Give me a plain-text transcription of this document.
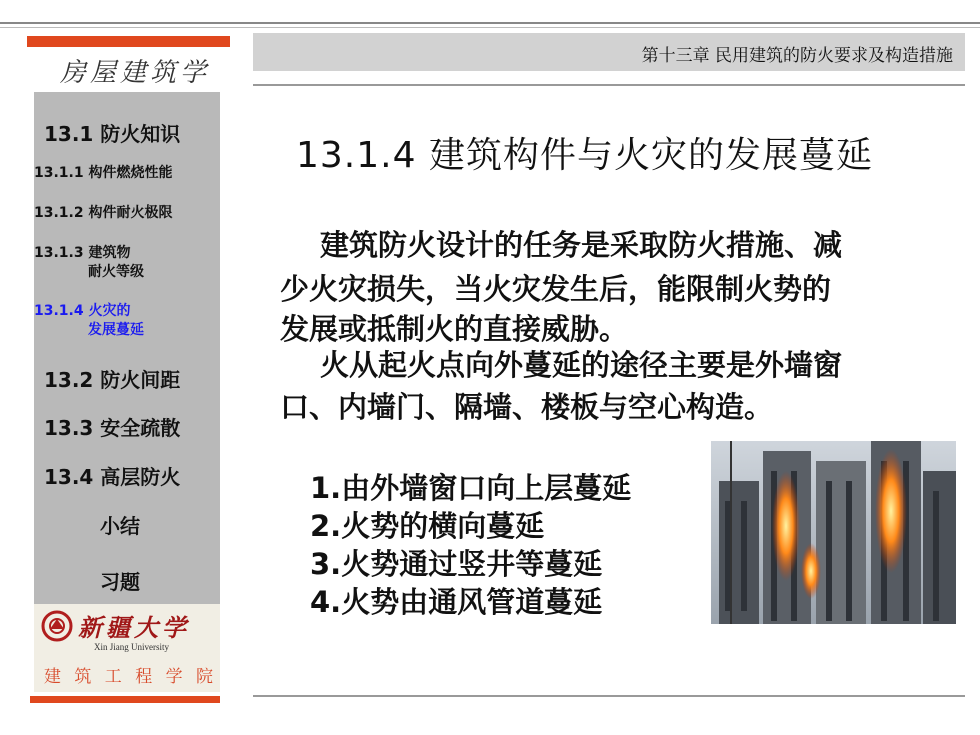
房屋建筑学
13.1 防火知识
13.1.1 构件燃烧性能
13.1.2 构件耐火极限
13.1.3 建筑物
耐火等级
13.1.4 火灾的
发展蔓延
13.2 防火间距
13.3 安全疏散
13.4 高层防火
小结
习题
新疆大学
Xin Jiang University
建 筑 工 程 学 院
第十三章 民用建筑的防火要求及构造措施
13.1.4 建筑构件与火灾的发展蔓延
建筑防火设计的任务是采取防火措施、减
少火灾损失，当火灾发生后，能限制火势的
发展或抵制火的直接威胁。
火从起火点向外蔓延的途径主要是外墙窗
口、内墙门、隔墙、楼板与空心构造。
1.由外墙窗口向上层蔓延
2.火势的横向蔓延
3.火势通过竖井等蔓延
4.火势由通风管道蔓延
